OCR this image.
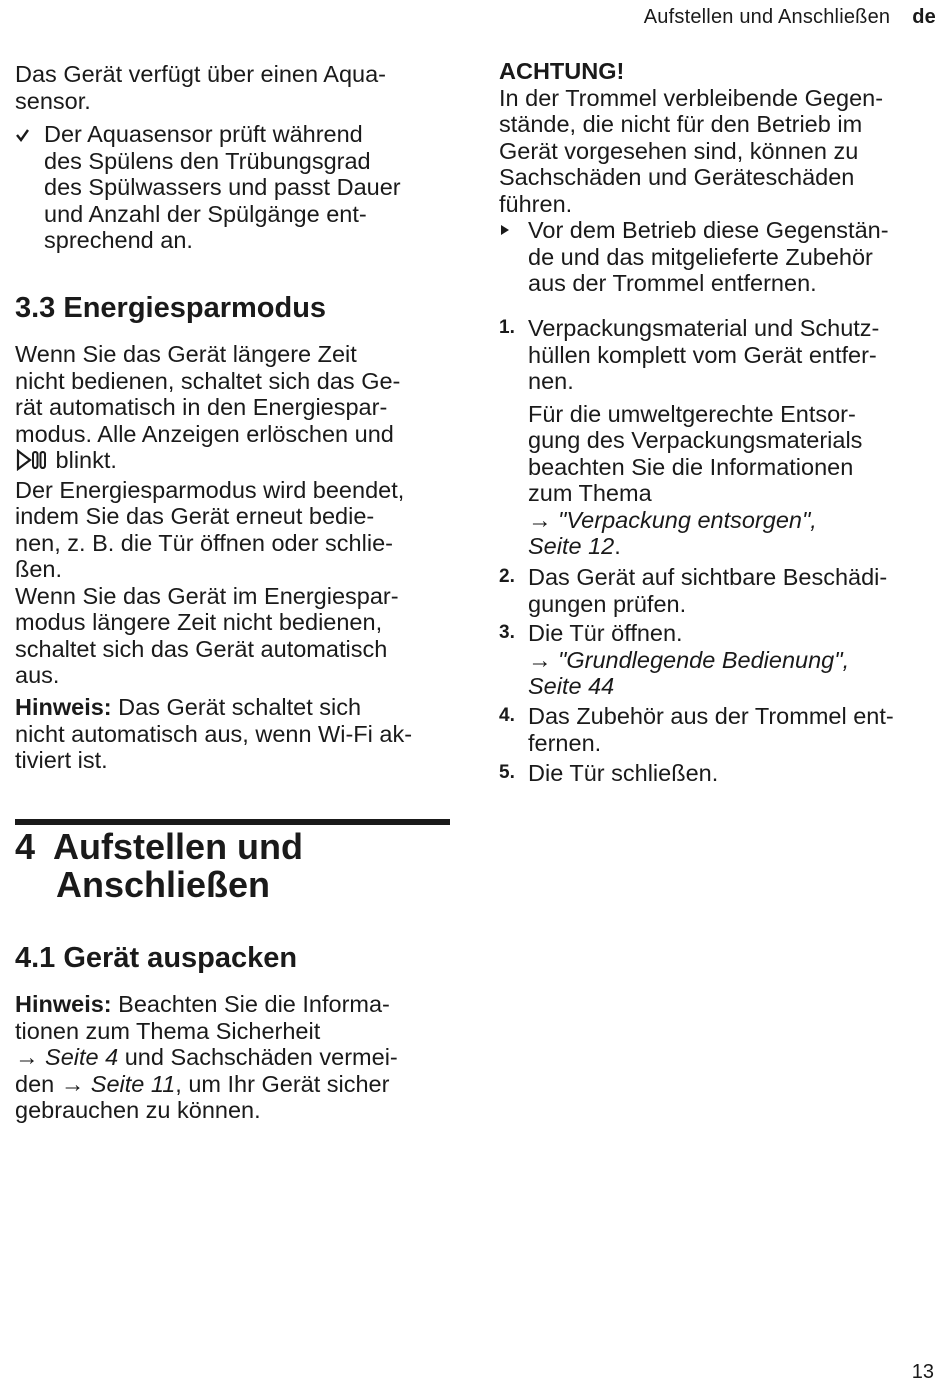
Aufstellen und Anschließen de

Das Gerät verfügt über einen Aqua-

sensor.

Der Aquasensor prüft während

des Spülens den Trübungsgrad

des Spülwassers und passt Dauer

und Anzahl der Spülgänge ent-

sprechend an.

3.3 Energiesparmodus

Wenn Sie das Gerät längere Zeit

nicht bedienen, schaltet sich das Ge-

rät automatisch in den Energiespar-

modus. Alle Anzeigen erlöschen und

blinkt.

Der Energiesparmodus wird beendet,

indem Sie das Gerät erneut bedie-

nen, z. B. die Tür öffnen oder schlie-

ßen.

Wenn Sie das Gerät im Energiespar-

modus längere Zeit nicht bedienen,

schaltet sich das Gerät automatisch

aus.

Hinweis: Das Gerät schaltet sich

nicht automatisch aus, wenn Wi-Fi ak-

tiviert ist.

4 Aufstellen und
Anschließen
4.1 Gerät auspacken

Hinweis: Beachten Sie die Informa-

tionen zum Thema Sicherheit

→ Seite 4 und Sachschäden vermei-

den → Seite 11, um Ihr Gerät sicher

gebrauchen zu können.

ACHTUNG!

In der Trommel verbleibende Gegen-

stände, die nicht für den Betrieb im

Gerät vorgesehen sind, können zu

Sachschäden und Geräteschäden

führen.

Vor dem Betrieb diese Gegenstän-

de und das mitgelieferte Zubehör

aus der Trommel entfernen.

1. Verpackungsmaterial und Schutz-

hüllen komplett vom Gerät entfer-

nen.

Für die umweltgerechte Entsor-

gung des Verpackungsmaterials

beachten Sie die Informationen

zum Thema

→ "Verpackung entsorgen",

Seite 12.

2. Das Gerät auf sichtbare Beschädi-

gungen prüfen.

3. Die Tür öffnen.

→ "Grundlegende Bedienung",

Seite 44

4. Das Zubehör aus der Trommel ent-

fernen.

5. Die Tür schließen.

13
